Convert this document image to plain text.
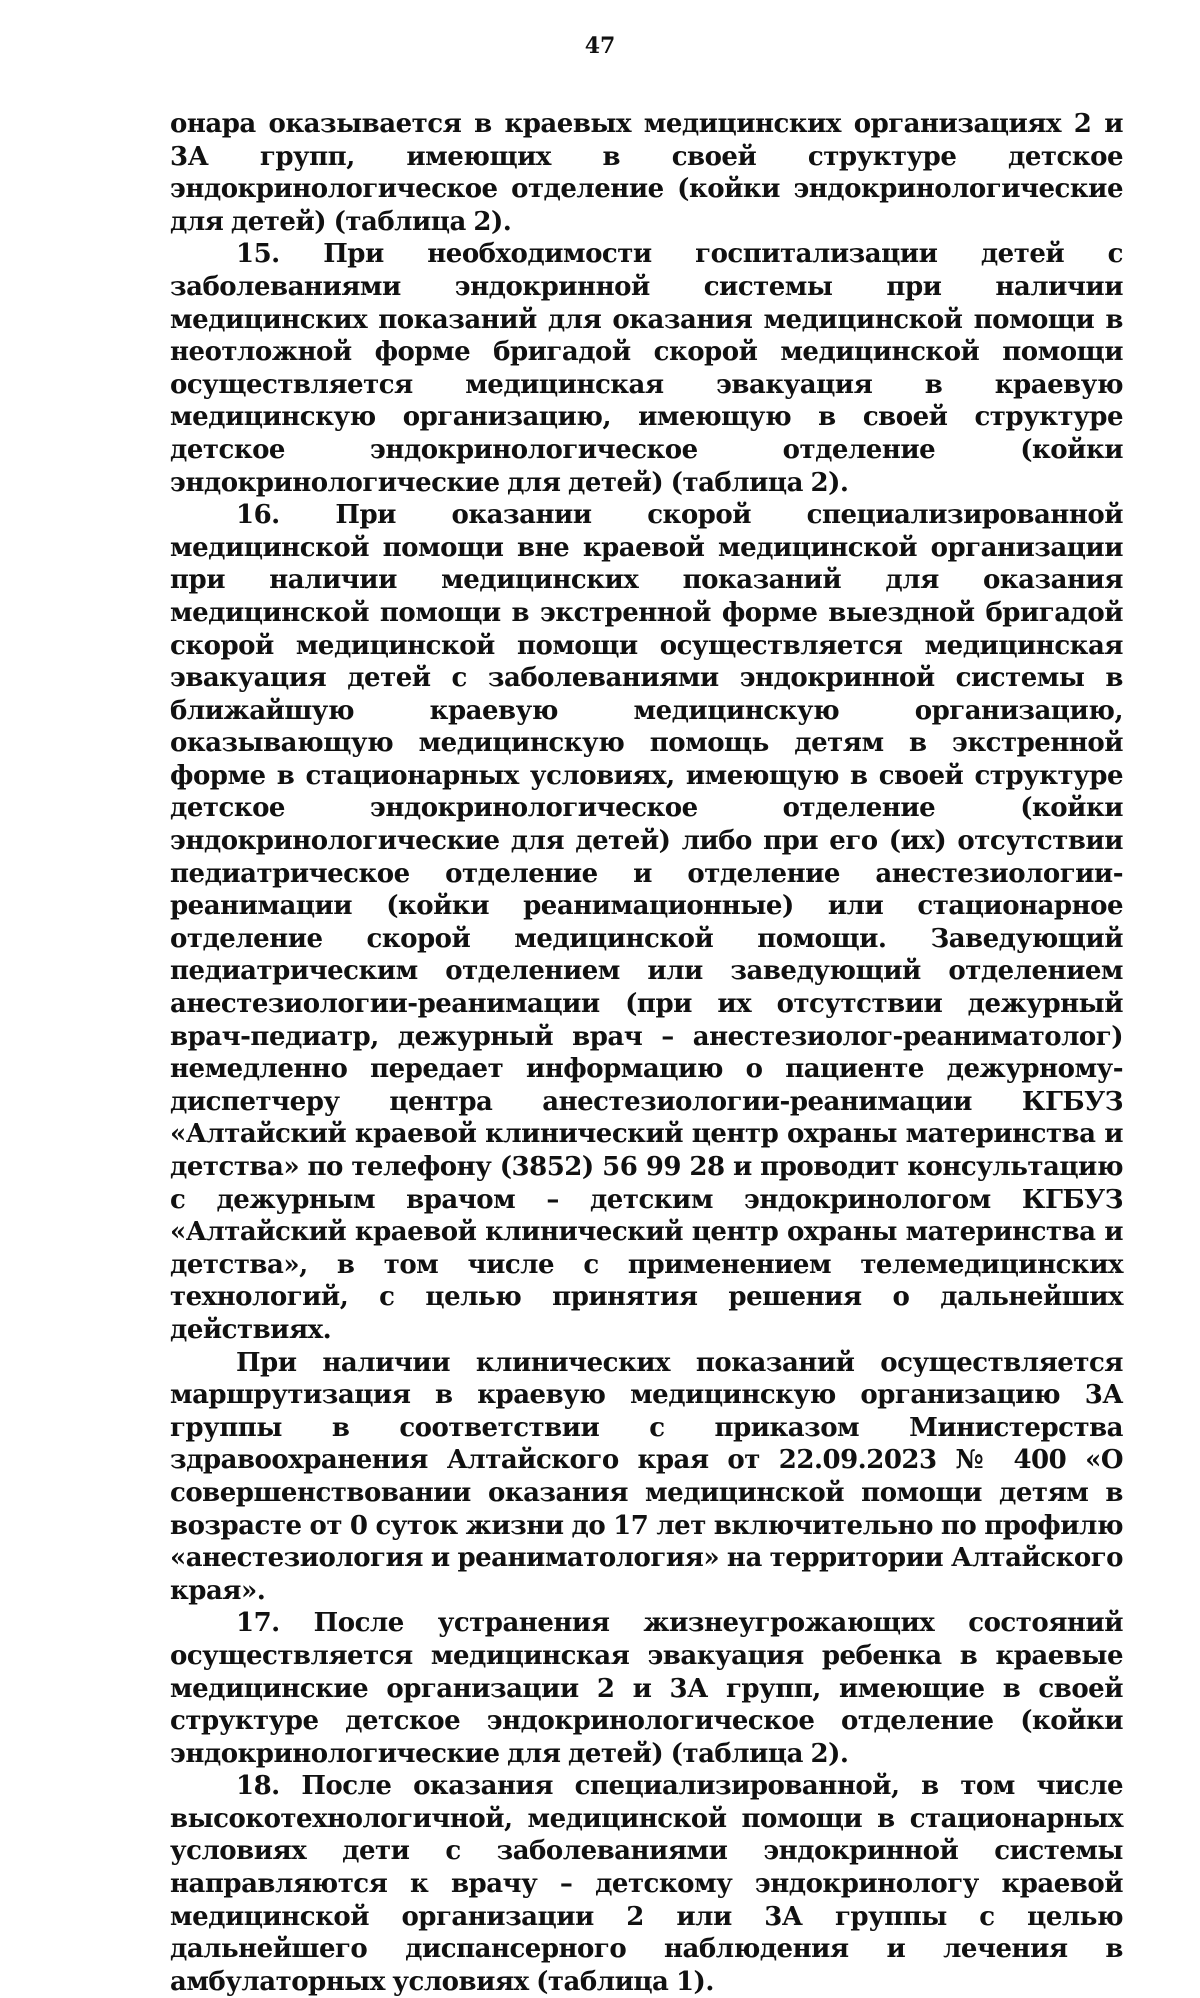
47

онара оказывается в краевых медицинских организациях 2 и 3А групп, имеющих в своей структуре детское эндокринологическое отделение (койки эндокринологические для детей) (таблица 2).

15. При необходимости госпитализации детей с заболеваниями эндокринной системы при наличии медицинских показаний для оказания медицинской помощи в неотложной форме бригадой скорой медицинской помощи осуществляется медицинская эвакуация в краевую медицинскую организацию, имеющую в своей структуре детское эндокринологическое отделение (койки эндокринологические для детей) (таблица 2).

16. При оказании скорой специализированной медицинской помощи вне краевой медицинской организации при наличии медицинских показаний для оказания медицинской помощи в экстренной форме выездной бригадой скорой медицинской помощи осуществляется медицинская эвакуация детей с заболеваниями эндокринной системы в ближайшую краевую медицинскую организацию, оказывающую медицинскую помощь детям в экстренной форме в стационарных условиях, имеющую в своей структуре детское эндокринологическое отделение (койки эндокринологические для детей) либо при его (их) отсутствии педиатрическое отделение и отделение анестезиологии-реанимации (койки реанимационные) или стационарное отделение скорой медицинской помощи. Заведующий педиатрическим отделением или заведующий отделением анестезиологии-реанимации (при их отсутствии дежурный врач-педиатр, дежурный врач – анестезиолог-реаниматолог) немедленно передает информацию о пациенте дежурному-диспетчеру центра анестезиологии-реанимации КГБУЗ «Алтайский краевой клинический центр охраны материнства и детства» по телефону (3852) 56 99 28 и проводит консультацию с дежурным врачом – детским эндокринологом КГБУЗ «Алтайский краевой клинический центр охраны материнства и детства», в том числе с применением телемедицинских технологий, с целью принятия решения о дальнейших действиях.

При наличии клинических показаний осуществляется маршрутизация в краевую медицинскую организацию 3А группы в соответствии с приказом Министерства здравоохранения Алтайского края от 22.09.2023 № 400 «О совершенствовании оказания медицинской помощи детям в возрасте от 0 суток жизни до 17 лет включительно по профилю «анестезиология и реаниматология» на территории Алтайского края».

17. После устранения жизнеугрожающих состояний осуществляется медицинская эвакуация ребенка в краевые медицинские организации 2 и 3А групп, имеющие в своей структуре детское эндокринологическое отделение (койки эндокринологические для детей) (таблица 2).

18. После оказания специализированной, в том числе высокотехнологичной, медицинской помощи в стационарных условиях дети с заболеваниями эндокринной системы направляются к врачу – детскому эндокринологу краевой медицинской организации 2 или 3А группы с целью дальнейшего диспансерного наблюдения и лечения в амбулаторных условиях (таблица 1).
